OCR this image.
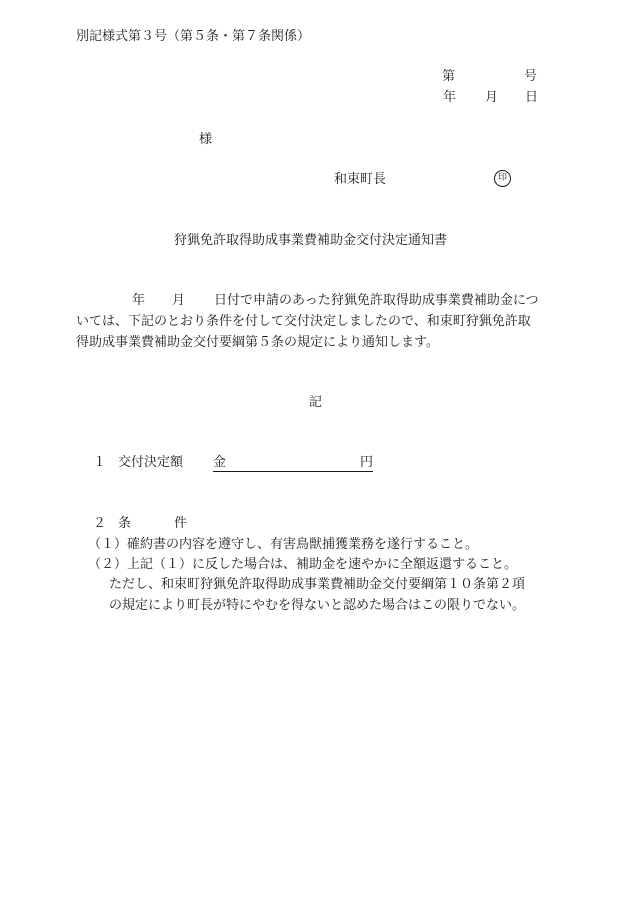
別記様式第３号（第５条・第７条関係）
第	号
年 月 日
様
和束町長	印
狩猟免許取得助成事業費補助金交付決定通知書
年 月 日付で申請のあった狩猟免許取得助成事業費補助金につ
いては、下記のとおり条件を付して交付決定しましたので、和束町狩猟免許取
得助成事業費補助金交付要綱第５条の規定により通知します。
記
１ 交付決定額 金	円
２ 条	件
（１）確約書の内容を遵守し、有害鳥獣捕獲業務を遂行すること。
（２）上記（１）に反した場合は、補助金を速やかに全額返還すること。
ただし、和束町狩猟免許取得助成事業費補助金交付要綱第１０条第２項
の規定により町長が特にやむを得ないと認めた場合はこの限りでない。
